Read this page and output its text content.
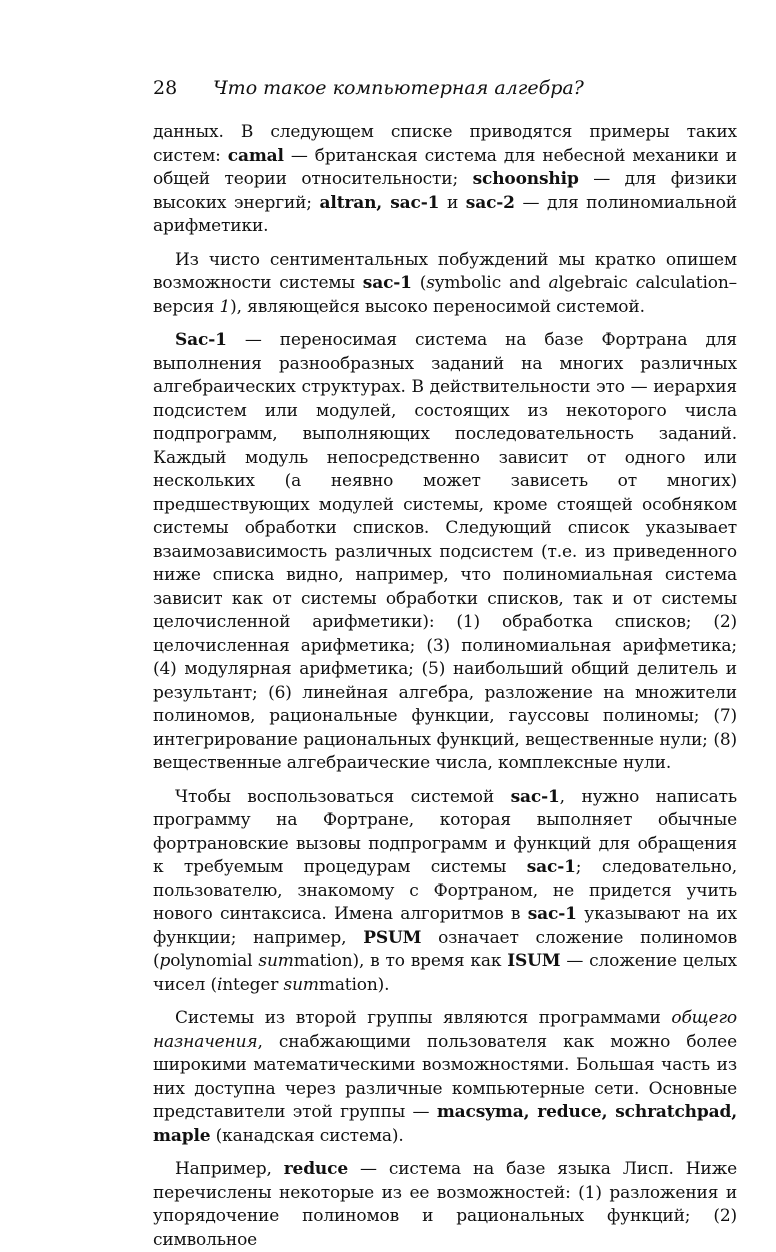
28 Что такое компьютерная алгебра?

данных. В следующем списке приводятся примеры таких систем: camal — британская система для небесной механики и общей теории относительности; schoonship — для физики высоких энергий; altran, sac-1 и sac-2 — для полиномиальной арифметики.

Из чисто сентиментальных побуждений мы кратко опишем возможности системы sac-1 (symbolic and algebraic calculation–версия 1), являющейся высоко переносимой системой.

Sac-1 — переносимая система на базе Фортрана для выполнения разнообразных заданий на многих различных алгебраических структурах. В действительности это — иерархия подсистем или модулей, состоящих из некоторого числа подпрограмм, выполняющих последовательность заданий. Каждый модуль непосредственно зависит от одного или нескольких (а неявно может зависеть от многих) предшествующих модулей системы, кроме стоящей особняком системы обработки списков. Следующий список указывает взаимозависимость различных подсистем (т.е. из приведенного ниже списка видно, например, что полиномиальная система зависит как от системы обработки списков, так и от системы целочисленной арифметики): (1) обработка списков; (2) целочисленная арифметика; (3) полиномиальная арифметика; (4) модулярная арифметика; (5) наибольший общий делитель и результант; (6) линейная алгебра, разложение на множители полиномов, рациональные функции, гауссовы полиномы; (7) интегрирование рациональных функций, вещественные нули; (8) вещественные алгебраические числа, комплексные нули.

Чтобы воспользоваться системой sac-1, нужно написать программу на Фортране, которая выполняет обычные фортрановские вызовы подпрограмм и функций для обращения к требуемым процедурам системы sac-1; следовательно, пользователю, знакомому с Фортраном, не придется учить нового синтаксиса. Имена алгоритмов в sac-1 указывают на их функции; например, PSUM означает сложение полиномов (polynomial summation), в то время как ISUM — сложение целых чисел (integer summation).

Системы из второй группы являются программами общего назначения, снабжающими пользователя как можно более широкими математическими возможностями. Большая часть из них доступна через различные компьютерные сети. Основные представители этой группы — macsyma, reduce, schratchpad, maple (канадская система).

Например, reduce — система на базе языка Лисп. Ниже перечислены некоторые из ее возможностей: (1) разложения и упорядочение полиномов и рациональных функций; (2) символьное
